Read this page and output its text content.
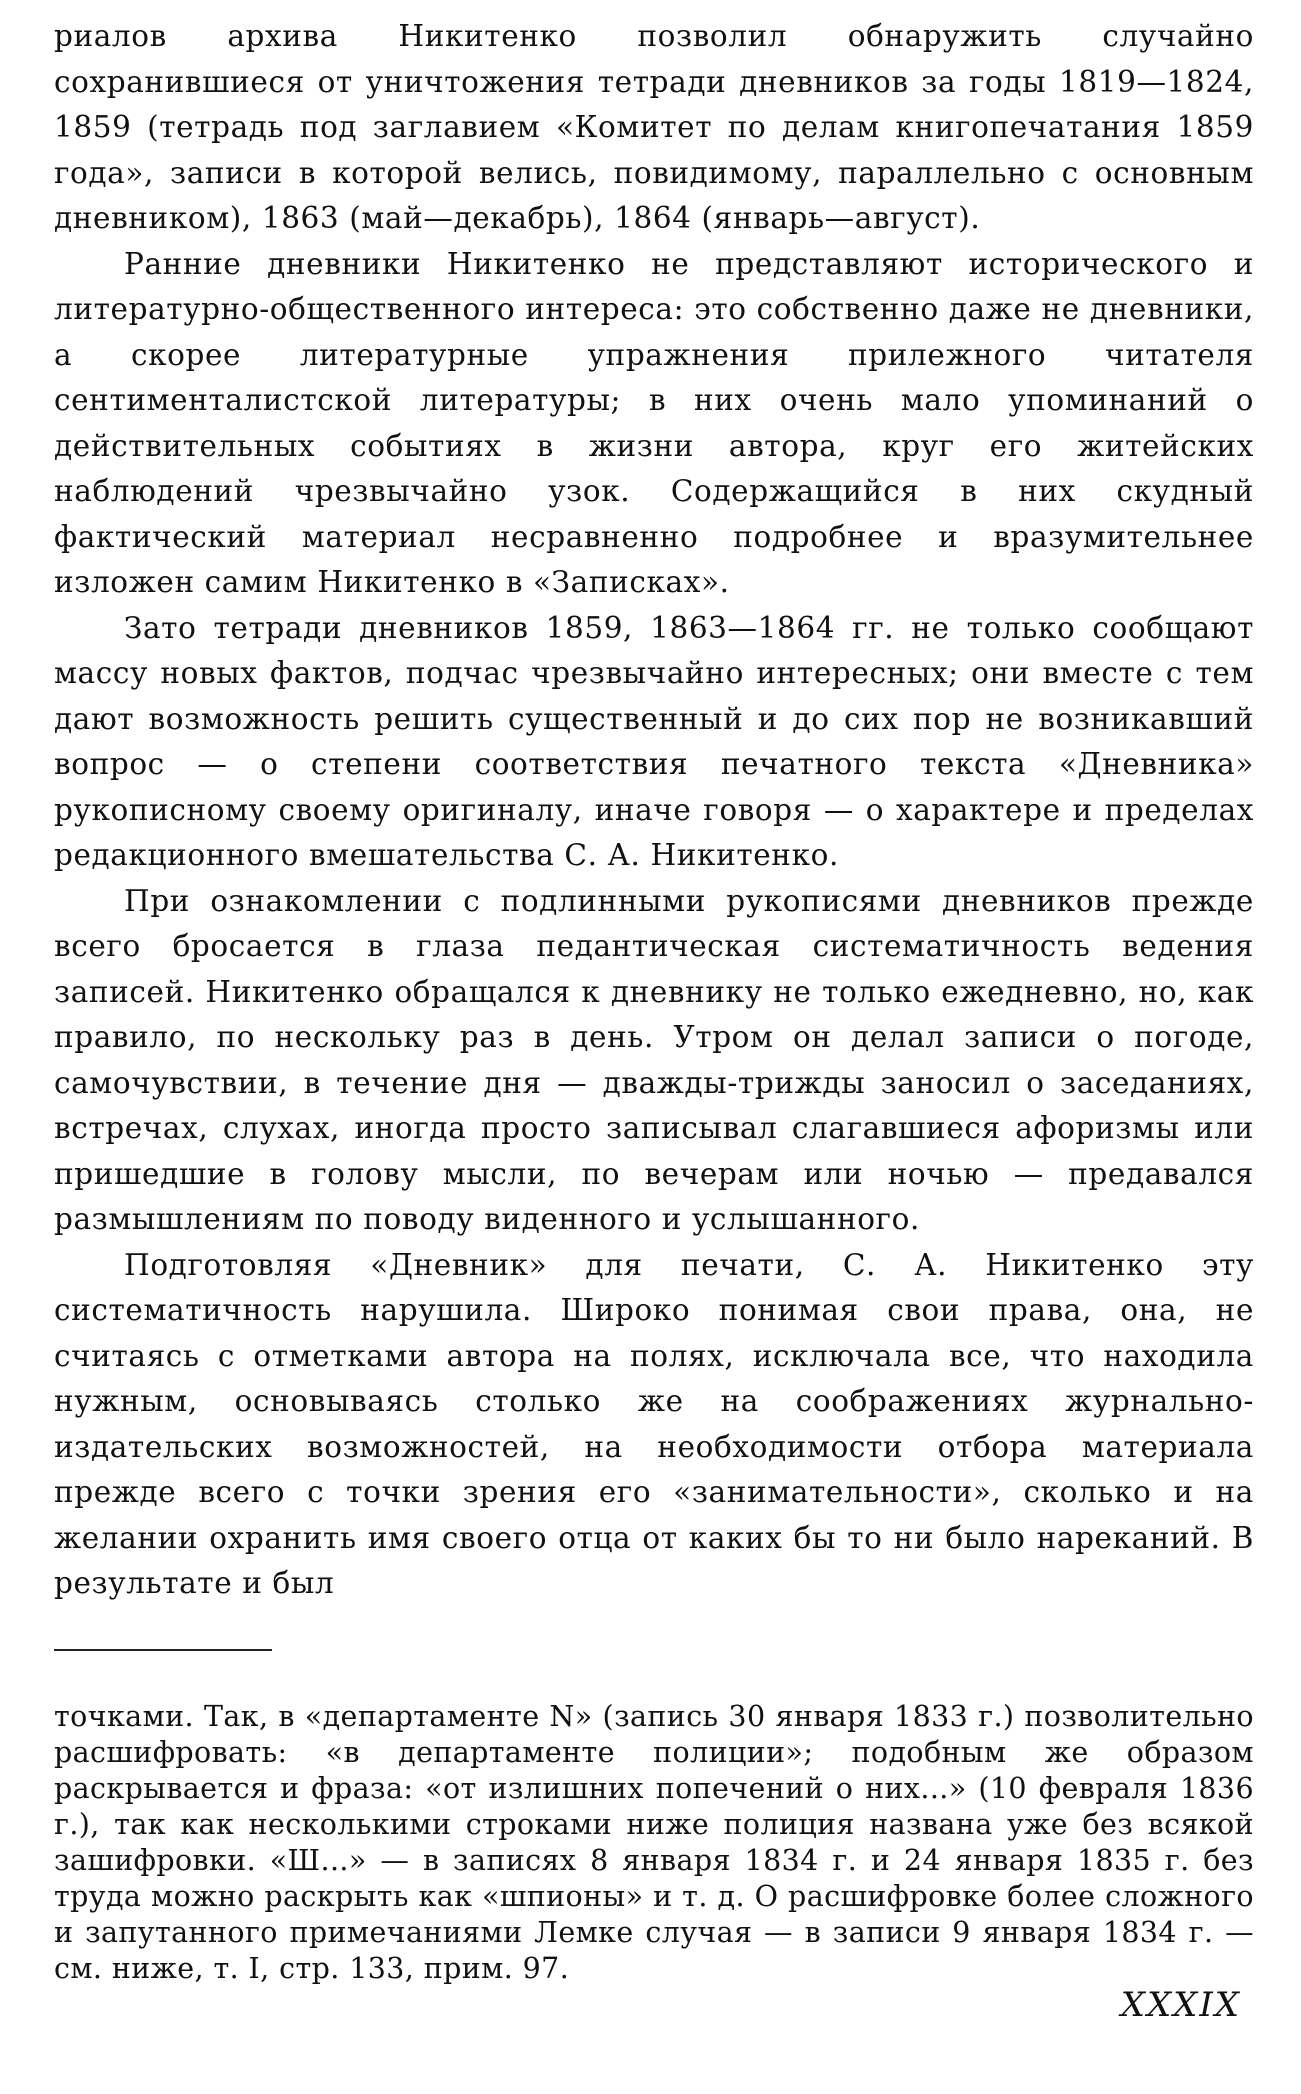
риалов архива Никитенко позволил обнаружить случайно сохранившиеся от уничтожения тетради дневников за годы 1819—1824, 1859 (тетрадь под заглавием «Комитет по делам книгопечатания 1859 года», записи в которой велись, повидимому, параллельно с основным дневником), 1863 (май—декабрь), 1864 (январь—август).

Ранние дневники Никитенко не представляют исторического и литературно-общественного интереса: это собственно даже не дневники, а скорее литературные упражнения прилежного читателя сентименталистской литературы; в них очень мало упоминаний о действительных событиях в жизни автора, круг его житейских наблюдений чрезвычайно узок. Содержащийся в них скудный фактический материал несравненно подробнее и вразумительнее изложен самим Никитенко в «Записках».

Зато тетради дневников 1859, 1863—1864 гг. не только сообщают массу новых фактов, подчас чрезвычайно интересных; они вместе с тем дают возможность решить существенный и до сих пор не возникавший вопрос — о степени соответствия печатного текста «Дневника» рукописному своему оригиналу, иначе говоря — о характере и пределах редакционного вмешательства С. А. Никитенко.

При ознакомлении с подлинными рукописями дневников прежде всего бросается в глаза педантическая систематичность ведения записей. Никитенко обращался к дневнику не только ежедневно, но, как правило, по нескольку раз в день. Утром он делал записи о погоде, самочувствии, в течение дня — дважды-трижды заносил о заседаниях, встречах, слухах, иногда просто записывал слагавшиеся афоризмы или пришедшие в голову мысли, по вечерам или ночью — предавался размышлениям по поводу виденного и услышанного.

Подготовляя «Дневник» для печати, С. А. Никитенко эту систематичность нарушила. Широко понимая свои права, она, не считаясь с отметками автора на полях, исключала все, что находила нужным, основываясь столько же на соображениях журнально-издательских возможностей, на необходимости отбора материала прежде всего с точки зрения его «занимательности», сколько и на желании охранить имя своего отца от каких бы то ни было нареканий. В результате и был

точками. Так, в «департаменте N» (запись 30 января 1833 г.) позволительно расшифровать: «в департаменте полиции»; подобным же образом раскрывается и фраза: «от излишних попечений о них...» (10 февраля 1836 г.), так как несколькими строками ниже полиция названа уже без всякой зашифровки. «Ш...» — в записях 8 января 1834 г. и 24 января 1835 г. без труда можно раскрыть как «шпионы» и т. д. О расшифровке более сложного и запутанного примечаниями Лемке случая — в записи 9 января 1834 г. — см. ниже, т. I, стр. 133, прим. 97.

XXXIX
